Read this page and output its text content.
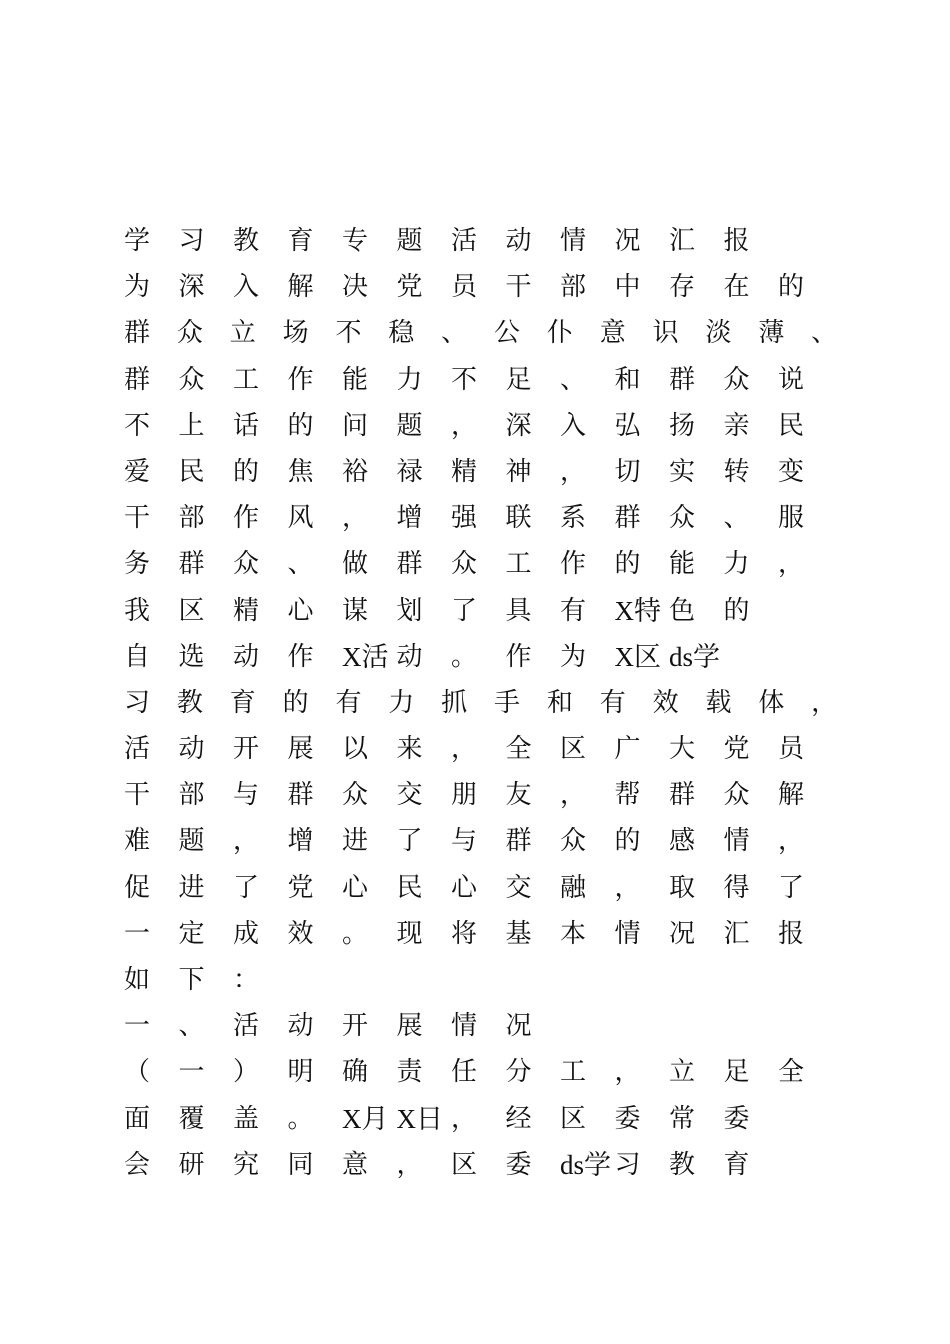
学	习	教	育	专	题	活	动	情	况	汇	报
为	深	入	解	决	党	员	干	部	中	存	在	的
群	众	立	场	不	稳	、	公	仆	意	识	淡	薄	、
群	众	工	作	能	力	不	足	、	和	群	众	说
不	上	话	的	问	题	，	深	入	弘	扬	亲	民
爱	民	的	焦	裕	禄	精	神	，	切	实	转	变
干	部	作	风	，	增	强	联	系	群	众	、	服
务	群	众	、	做	群	众	工	作	的	能	力	，
我	区	精	心	谋	划	了	具	有	X特 色	的
自	选	动	作	X活 动	。	作	为	X区 ds学
习	教	育	的	有	力	抓	手	和	有	效	载	体	，
活	动	开	展	以	来	，	全	区	广	大	党	员
干	部	与	群	众	交	朋	友	，	帮	群	众	解
难	题	，	增	进	了	与	群	众	的	感	情	，
促	进	了	党	心	民	心	交	融	，	取	得	了
一	定	成	效	。	现	将	基	本	情	况	汇	报
如	下	：
一	、	活	动	开	展	情	况
（	一	）	明	确	责	任	分	工	，	立	足	全
面	覆	盖	。	X月 X日 ，	经	区	委	常	委
会	研	究	同	意	，	区	委	ds学 习	教	育
